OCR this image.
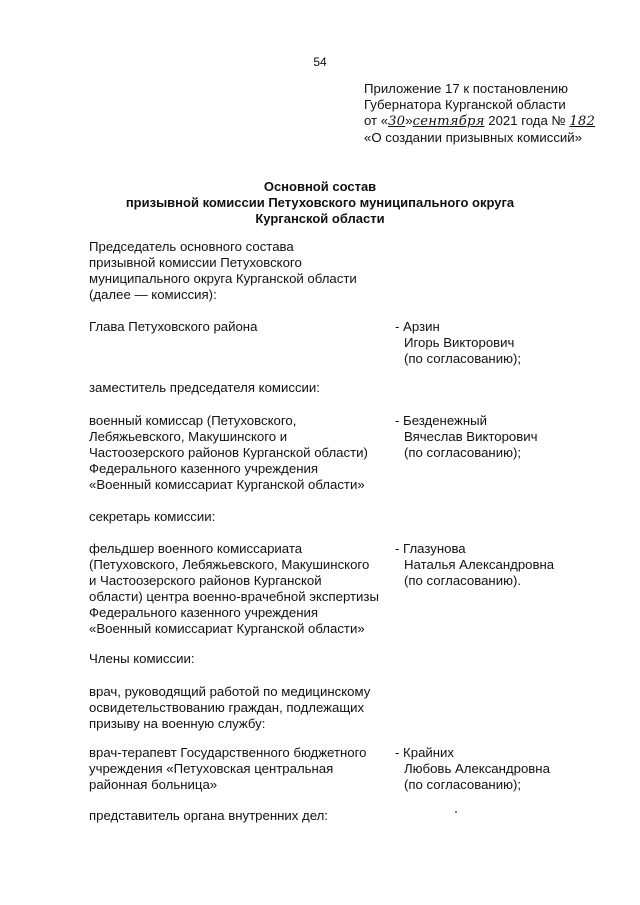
54
Приложение 17 к постановлению
Губернатора Курганской области
от «30»сентября 2021 года № 182
«О создании призывных комиссий»
Основной состав
призывной комиссии Петуховского муниципального округа
Курганской области
Председатель основного состава
призывной комиссии Петуховского
муниципального округа Курганской области
(далее — комиссия):
Глава Петуховского района	- Арзин
Игорь Викторович
(по согласованию);
заместитель председателя комиссии:
военный комиссар (Петуховского,
Лебяжьевского, Макушинского и
Частоозерского районов Курганской области)
Федерального казенного учреждения
«Военный комиссариат Курганской области»
- Безденежный
Вячеслав Викторович
(по согласованию);
секретарь комиссии:
фельдшер военного комиссариата
(Петуховского, Лебяжьевского, Макушинского
и Частоозерского районов Курганской
области) центра военно-врачебной экспертизы
Федерального казенного учреждения
«Военный комиссариат Курганской области»
- Глазунова
Наталья Александровна
(по согласованию).
Члены комиссии:
врач, руководящий работой по медицинскому
освидетельствованию граждан, подлежащих
призыву на военную службу:
врач-терапевт Государственного бюджетного
учреждения «Петуховская центральная
районная больница»
- Крайних
Любовь Александровна
(по согласованию);
представитель органа внутренних дел:
